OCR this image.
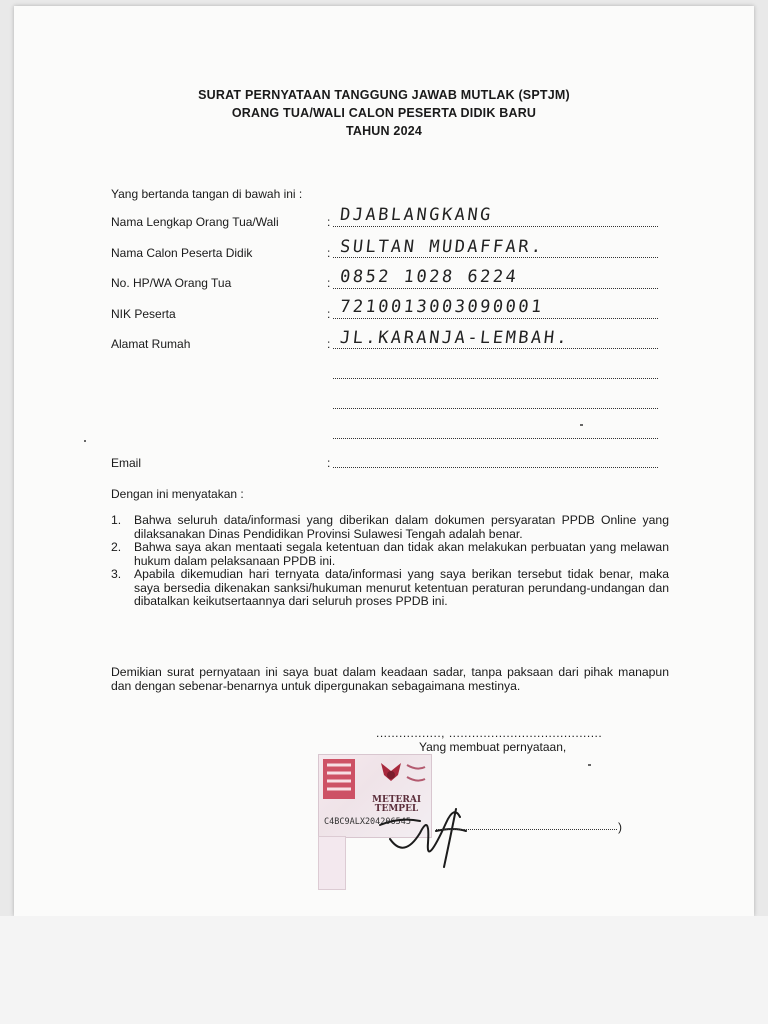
SURAT PERNYATAAN TANGGUNG JAWAB MUTLAK (SPTJM)
ORANG TUA/WALI CALON PESERTA DIDIK BARU
TAHUN 2024
Yang bertanda tangan di bawah ini :
Nama Lengkap Orang Tua/Wali	: DJABLANGKANG
Nama Calon Peserta Didik	: SULTAN MUDAFFAR.
No. HP/WA Orang Tua	: 0852 1028 6224
NIK Peserta	: 7210013003090001
Alamat Rumah	: JL.KARANJA-LEMBAH.
Email	:
Dengan ini menyatakan :
1. Bahwa seluruh data/informasi yang diberikan dalam dokumen persyaratan PPDB Online yang dilaksanakan Dinas Pendidikan Provinsi Sulawesi Tengah adalah benar.
2. Bahwa saya akan mentaati segala ketentuan dan tidak akan melakukan perbuatan yang melawan hukum dalam pelaksanaan PPDB ini.
3. Apabila dikemudian hari ternyata data/informasi yang saya berikan tersebut tidak benar, maka saya bersedia dikenakan sanksi/hukuman menurut ketentuan peraturan perundang-undangan dan dibatalkan keikutsertaannya dari seluruh proses PPDB ini.
Demikian surat pernyataan ini saya buat dalam keadaan sadar, tanpa paksaan dari pihak manapun dan dengan sebenar-benarnya untuk dipergunakan sebagaimana mestinya.
................., ........................................
Yang membuat pernyataan,
METERAI
TEMPEL
C4BC9ALX204206545	)
